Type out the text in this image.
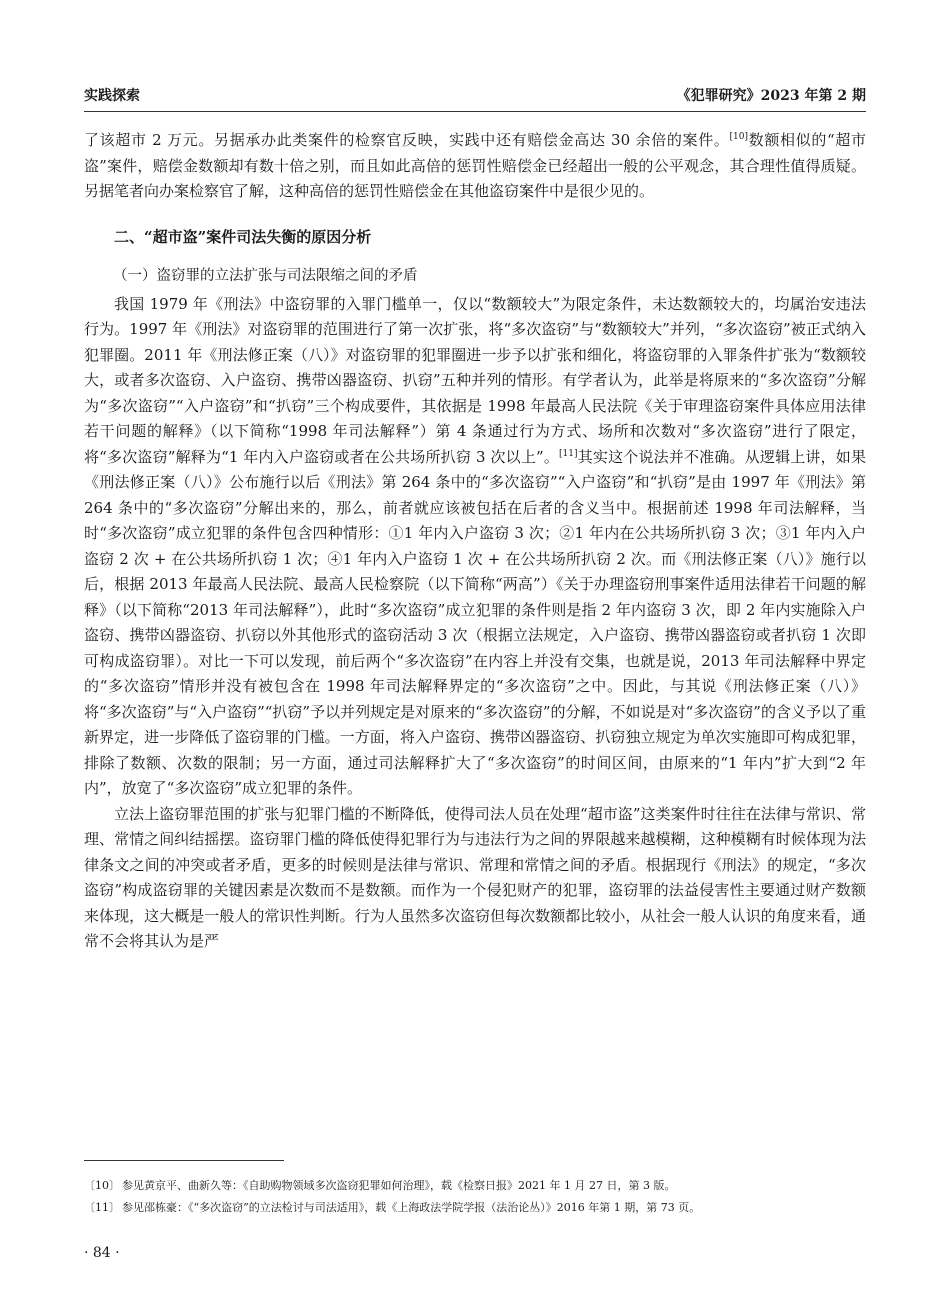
实践探索	《犯罪研究》2023 年第 2 期

了该超市 2 万元。另据承办此类案件的检察官反映，实践中还有赔偿金高达 30 余倍的案件。[10]数额相似的“超市盗”案件，赔偿金数额却有数十倍之别，而且如此高倍的惩罚性赔偿金已经超出一般的公平观念，其合理性值得质疑。另据笔者向办案检察官了解，这种高倍的惩罚性赔偿金在其他盗窃案件中是很少见的。

二、“超市盗”案件司法失衡的原因分析
（一）盗窃罪的立法扩张与司法限缩之间的矛盾

我国 1979 年《刑法》中盗窃罪的入罪门槛单一，仅以“数额较大”为限定条件，未达数额较大的，均属治安违法行为。1997 年《刑法》对盗窃罪的范围进行了第一次扩张，将“多次盗窃”与“数额较大”并列，“多次盗窃”被正式纳入犯罪圈。2011 年《刑法修正案（八）》对盗窃罪的犯罪圈进一步予以扩张和细化，将盗窃罪的入罪条件扩张为“数额较大，或者多次盗窃、入户盗窃、携带凶器盗窃、扒窃”五种并列的情形。有学者认为，此举是将原来的“多次盗窃”分解为“多次盗窃”“入户盗窃”和“扒窃”三个构成要件，其依据是 1998 年最高人民法院《关于审理盗窃案件具体应用法律若干问题的解释》（以下简称“1998 年司法解释”）第 4 条通过行为方式、场所和次数对“多次盗窃”进行了限定，将“多次盗窃”解释为“1 年内入户盗窃或者在公共场所扒窃 3 次以上”。[11]其实这个说法并不准确。从逻辑上讲，如果《刑法修正案（八）》公布施行以后《刑法》第 264 条中的“多次盗窃”“入户盗窃”和“扒窃”是由 1997 年《刑法》第 264 条中的“多次盗窃”分解出来的，那么，前者就应该被包括在后者的含义当中。根据前述 1998 年司法解释，当时“多次盗窃”成立犯罪的条件包含四种情形：①1 年内入户盗窃 3 次；②1 年内在公共场所扒窃 3 次；③1 年内入户盗窃 2 次 + 在公共场所扒窃 1 次；④1 年内入户盗窃 1 次 + 在公共场所扒窃 2 次。而《刑法修正案（八）》施行以后，根据 2013 年最高人民法院、最高人民检察院（以下简称“两高”）《关于办理盗窃刑事案件适用法律若干问题的解释》（以下简称“2013 年司法解释”），此时“多次盗窃”成立犯罪的条件则是指 2 年内盗窃 3 次，即 2 年内实施除入户盗窃、携带凶器盗窃、扒窃以外其他形式的盗窃活动 3 次（根据立法规定，入户盗窃、携带凶器盗窃或者扒窃 1 次即可构成盗窃罪）。对比一下可以发现，前后两个“多次盗窃”在内容上并没有交集，也就是说，2013 年司法解释中界定的“多次盗窃”情形并没有被包含在 1998 年司法解释界定的“多次盗窃”之中。因此，与其说《刑法修正案（八）》将“多次盗窃”与“入户盗窃”“扒窃”予以并列规定是对原来的“多次盗窃”的分解，不如说是对“多次盗窃”的含义予以了重新界定，进一步降低了盗窃罪的门槛。一方面，将入户盗窃、携带凶器盗窃、扒窃独立规定为单次实施即可构成犯罪，排除了数额、次数的限制；另一方面，通过司法解释扩大了“多次盗窃”的时间区间，由原来的“1 年内”扩大到“2 年内”，放宽了“多次盗窃”成立犯罪的条件。

立法上盗窃罪范围的扩张与犯罪门槛的不断降低，使得司法人员在处理“超市盗”这类案件时往往在法律与常识、常理、常情之间纠结摇摆。盗窃罪门槛的降低使得犯罪行为与违法行为之间的界限越来越模糊，这种模糊有时候体现为法律条文之间的冲突或者矛盾，更多的时候则是法律与常识、常理和常情之间的矛盾。根据现行《刑法》的规定，“多次盗窃”构成盗窃罪的关键因素是次数而不是数额。而作为一个侵犯财产的犯罪，盗窃罪的法益侵害性主要通过财产数额来体现，这大概是一般人的常识性判断。行为人虽然多次盗窃但每次数额都比较小，从社会一般人认识的角度来看，通常不会将其认为是严

〔10〕 参见黄京平、曲新久等：《自助购物领域多次盗窃犯罪如何治理》，载《检察日报》2021 年 1 月 27 日，第 3 版。

〔11〕 参见邵栋豪：《“多次盗窃”的立法检讨与司法适用》，载《上海政法学院学报（法治论丛）》2016 年第 1 期，第 73 页。

· 84 ·
